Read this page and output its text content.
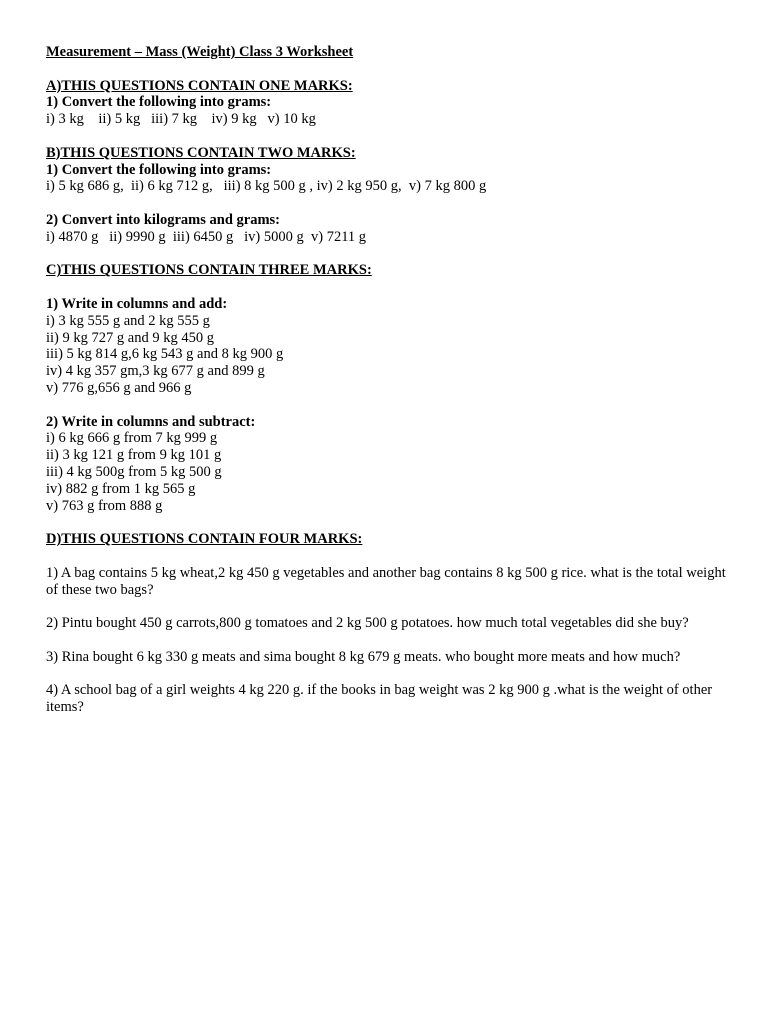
Measurement – Mass (Weight) Class 3 Worksheet
A)THIS QUESTIONS CONTAIN ONE MARKS:
1) Convert the following into grams:
i) 3 kg    ii) 5 kg   iii) 7 kg    iv) 9 kg   v) 10 kg
B)THIS QUESTIONS CONTAIN TWO MARKS:
1) Convert the following into grams:
i) 5 kg 686 g,  ii) 6 kg 712 g,   iii) 8 kg 500 g , iv) 2 kg 950 g,  v) 7 kg 800 g
2) Convert into kilograms and grams:
i) 4870 g   ii) 9990 g  iii) 6450 g   iv) 5000 g  v) 7211 g
C)THIS QUESTIONS CONTAIN THREE MARKS:
1) Write in columns and add:
i) 3 kg 555 g and 2 kg 555 g
ii) 9 kg 727 g and 9 kg 450 g
iii) 5 kg 814 g,6 kg 543 g and 8 kg 900 g
iv) 4 kg 357 gm,3 kg 677 g and 899 g
v) 776 g,656 g and 966 g
2) Write in columns and subtract:
i) 6 kg 666 g from 7 kg 999 g
ii) 3 kg 121 g from 9 kg 101 g
iii) 4 kg 500g from 5 kg 500 g
iv) 882 g from 1 kg 565 g
v) 763 g from 888 g
D)THIS QUESTIONS CONTAIN FOUR MARKS:
1) A bag contains 5 kg wheat,2 kg 450 g vegetables and another bag contains 8 kg 500 g rice. what is the total weight of these two bags?
2) Pintu bought 450 g carrots,800 g tomatoes and 2 kg 500 g potatoes. how much total vegetables did she buy?
3) Rina bought 6 kg 330 g meats and sima bought 8 kg 679 g meats. who bought more meats and how much?
4) A school bag of a girl weights 4 kg 220 g. if the books in bag weight was 2 kg 900 g .what is the weight of other items?
